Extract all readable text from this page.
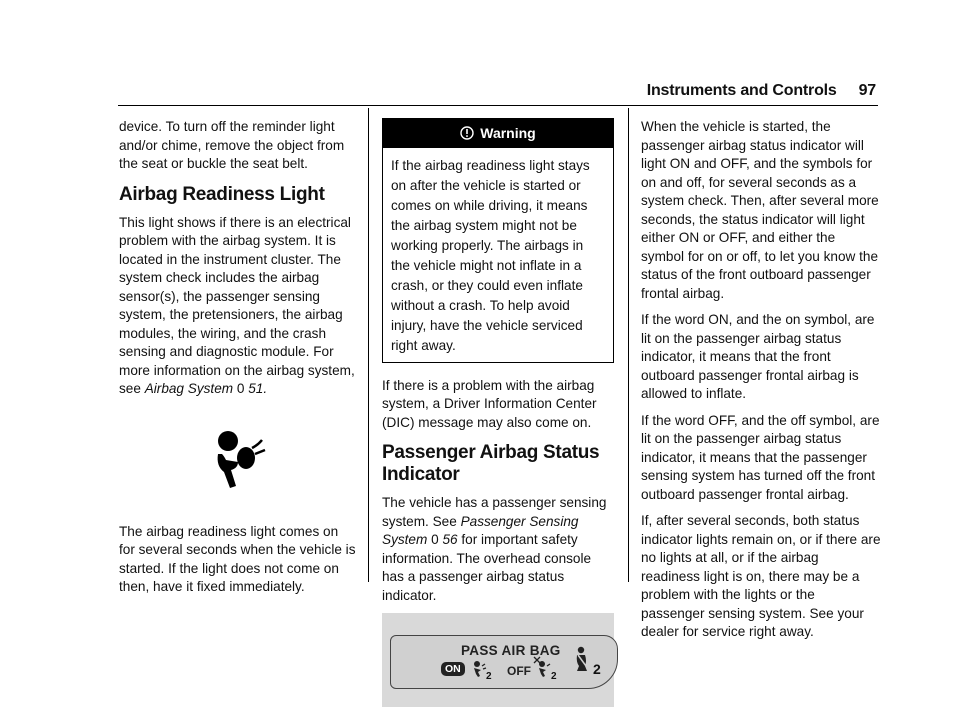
Instruments and Controls 97

device. To turn off the reminder light and/or chime, remove the object from the seat or buckle the seat belt.

Airbag Readiness Light

This light shows if there is an electrical problem with the airbag system. It is located in the instrument cluster. The system check includes the airbag sensor(s), the passenger sensing system, the pretensioners, the airbag modules, the wiring, and the crash sensing and diagnostic module. For more information on the airbag system, see Airbag System 0 51.

The airbag readiness light comes on for several seconds when the vehicle is started. If the light does not come on then, have it fixed immediately.

Warning
If the airbag readiness light stays on after the vehicle is started or comes on while driving, it means the airbag system might not be working properly. The airbags in the vehicle might not inflate in a crash, or they could even inflate without a crash. To help avoid injury, have the vehicle serviced right away.

If there is a problem with the airbag system, a Driver Information Center (DIC) message may also come on.

Passenger Airbag Status Indicator

The vehicle has a passenger sensing system. See Passenger Sensing System 0 56 for important safety information. The overhead console has a passenger airbag status indicator.

PASS AIR BAG
ON
2 OFF 2	2

When the vehicle is started, the passenger airbag status indicator will light ON and OFF, and the symbols for on and off, for several seconds as a system check. Then, after several more seconds, the status indicator will light either ON or OFF, and either the symbol for on or off, to let you know the status of the front outboard passenger frontal airbag.

If the word ON, and the on symbol, are lit on the passenger airbag status indicator, it means that the front outboard passenger frontal airbag is allowed to inflate.

If the word OFF, and the off symbol, are lit on the passenger airbag status indicator, it means that the passenger sensing system has turned off the front outboard passenger frontal airbag.

If, after several seconds, both status indicator lights remain on, or if there are no lights at all, or if the airbag readiness light is on, there may be a problem with the lights or the passenger sensing system. See your dealer for service right away.
